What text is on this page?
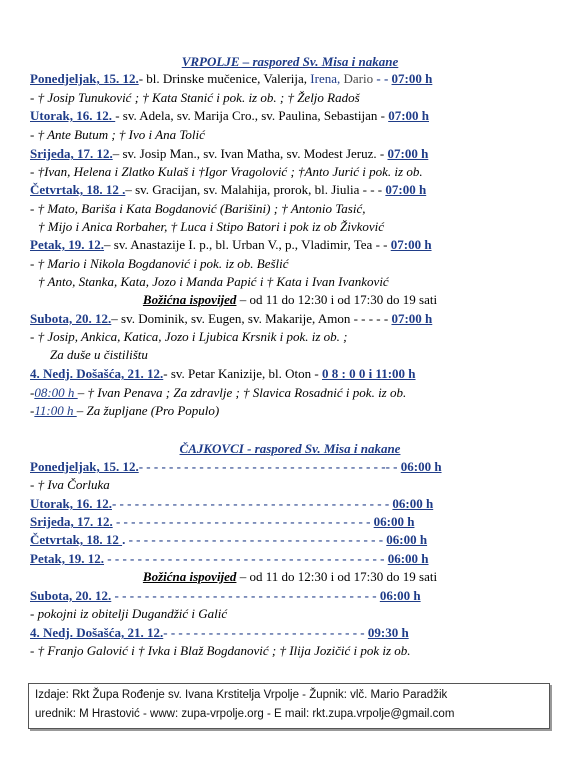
VRPOLJE – raspored Sv. Misa i nakane
Ponedjeljak, 15. 12.- bl. Drinske mučenice, Valerija, Irena, Dario - - 07:00 h
- † Josip Tunuković ; † Kata Stanić i pok. iz ob. ; † Željo Radoš
Utorak, 16. 12. - sv. Adela, sv. Marija Cro., sv. Paulina, Sebastijan - 07:00 h
- † Ante Butum ; † Ivo i Ana Tolić
Srijeda, 17. 12.– sv. Josip Man., sv. Ivan Matha, sv. Modest Jeruz. - 07:00 h
- †Ivan, Helena i Zlatko Kulaš i †Igor Vragolović ; †Anto Jurić i pok. iz ob.
Četvrtak, 18. 12 .– sv. Gracijan, sv. Malahija, prorok, bl. Jiulia - - - 07:00 h
- † Mato, Bariša i Kata Bogdanović (Barišini) ; † Antonio Tasić,
† Mijo i Anica Rorbaher, † Luca i Stipo Batori i pok iz ob Živković
Petak, 19. 12.– sv. Anastazije I. p., bl. Urban V., p., Vladimir, Tea - - 07:00 h
- † Mario i Nikola Bogdanović i pok. iz ob. Bešlić
† Anto, Stanka, Kata, Jozo i Manda Papić i † Kata i Ivan Ivanković
Božićna ispovijed – od 11 do 12:30 i od 17:30 do 19 sati
Subota, 20. 12.– sv. Dominik, sv. Eugen, sv. Makarije, Amon - - - - - 07:00 h
- † Josip, Ankica, Katica, Jozo i Ljubica Krsnik i pok. iz ob. ;
Za duše u čistilištu
4. Nedj. Došašća, 21. 12.- sv. Petar Kanizije, bl. Oton - 0 8 : 0 0 i 11:00 h
-08:00 h – † Ivan Penava ; Za zdravlje ; † Slavica Rosadnić i pok. iz ob.
-11:00 h – Za župljane (Pro Populo)
ČAJKOVCI - raspored Sv. Misa i nakane
Ponedjeljak, 15. 12.- - - - - - - - - - - - - - - - - - - - - - - - - - - - - - - - -- - 06:00 h
- † Iva Čorluka
Utorak, 16. 12.- - - - - - - - - - - - - - - - - - - - - - - - - - - - - - - - - - - - - 06:00 h
Srijeda, 17. 12. - - - - - - - - - - - - - - - - - - - - - - - - - - - - - - - - - - 06:00 h
Četvrtak, 18. 12 . - - - - - - - - - - - - - - - - - - - - - - - - - - - - - - - - - - 06:00 h
Petak, 19. 12. - - - - - - - - - - - - - - - - - - - - - - - - - - - - - - - - - - - - - 06:00 h
Božićna ispovijed – od 11 do 12:30 i od 17:30 do 19 sati
Subota, 20. 12. - - - - - - - - - - - - - - - - - - - - - - - - - - - - - - - - - - - 06:00 h
- pokojni iz obitelji Dugandžić i Galić
4. Nedj. Došašća, 21. 12.- - - - - - - - - - - - - - - - - - - - - - - - - - - 09:30 h
- † Franjo Galović i † Ivka i Blaž Bogdanović ; † Ilija Jozičić i pok iz ob.
Izdaje: Rkt Župa Rođenje sv. Ivana Krstitelja Vrpolje - Župnik: vlč. Mario Paradžik
urednik: M Hrastović - www: zupa-vrpolje.org - E mail: rkt.zupa.vrpolje@gmail.com
